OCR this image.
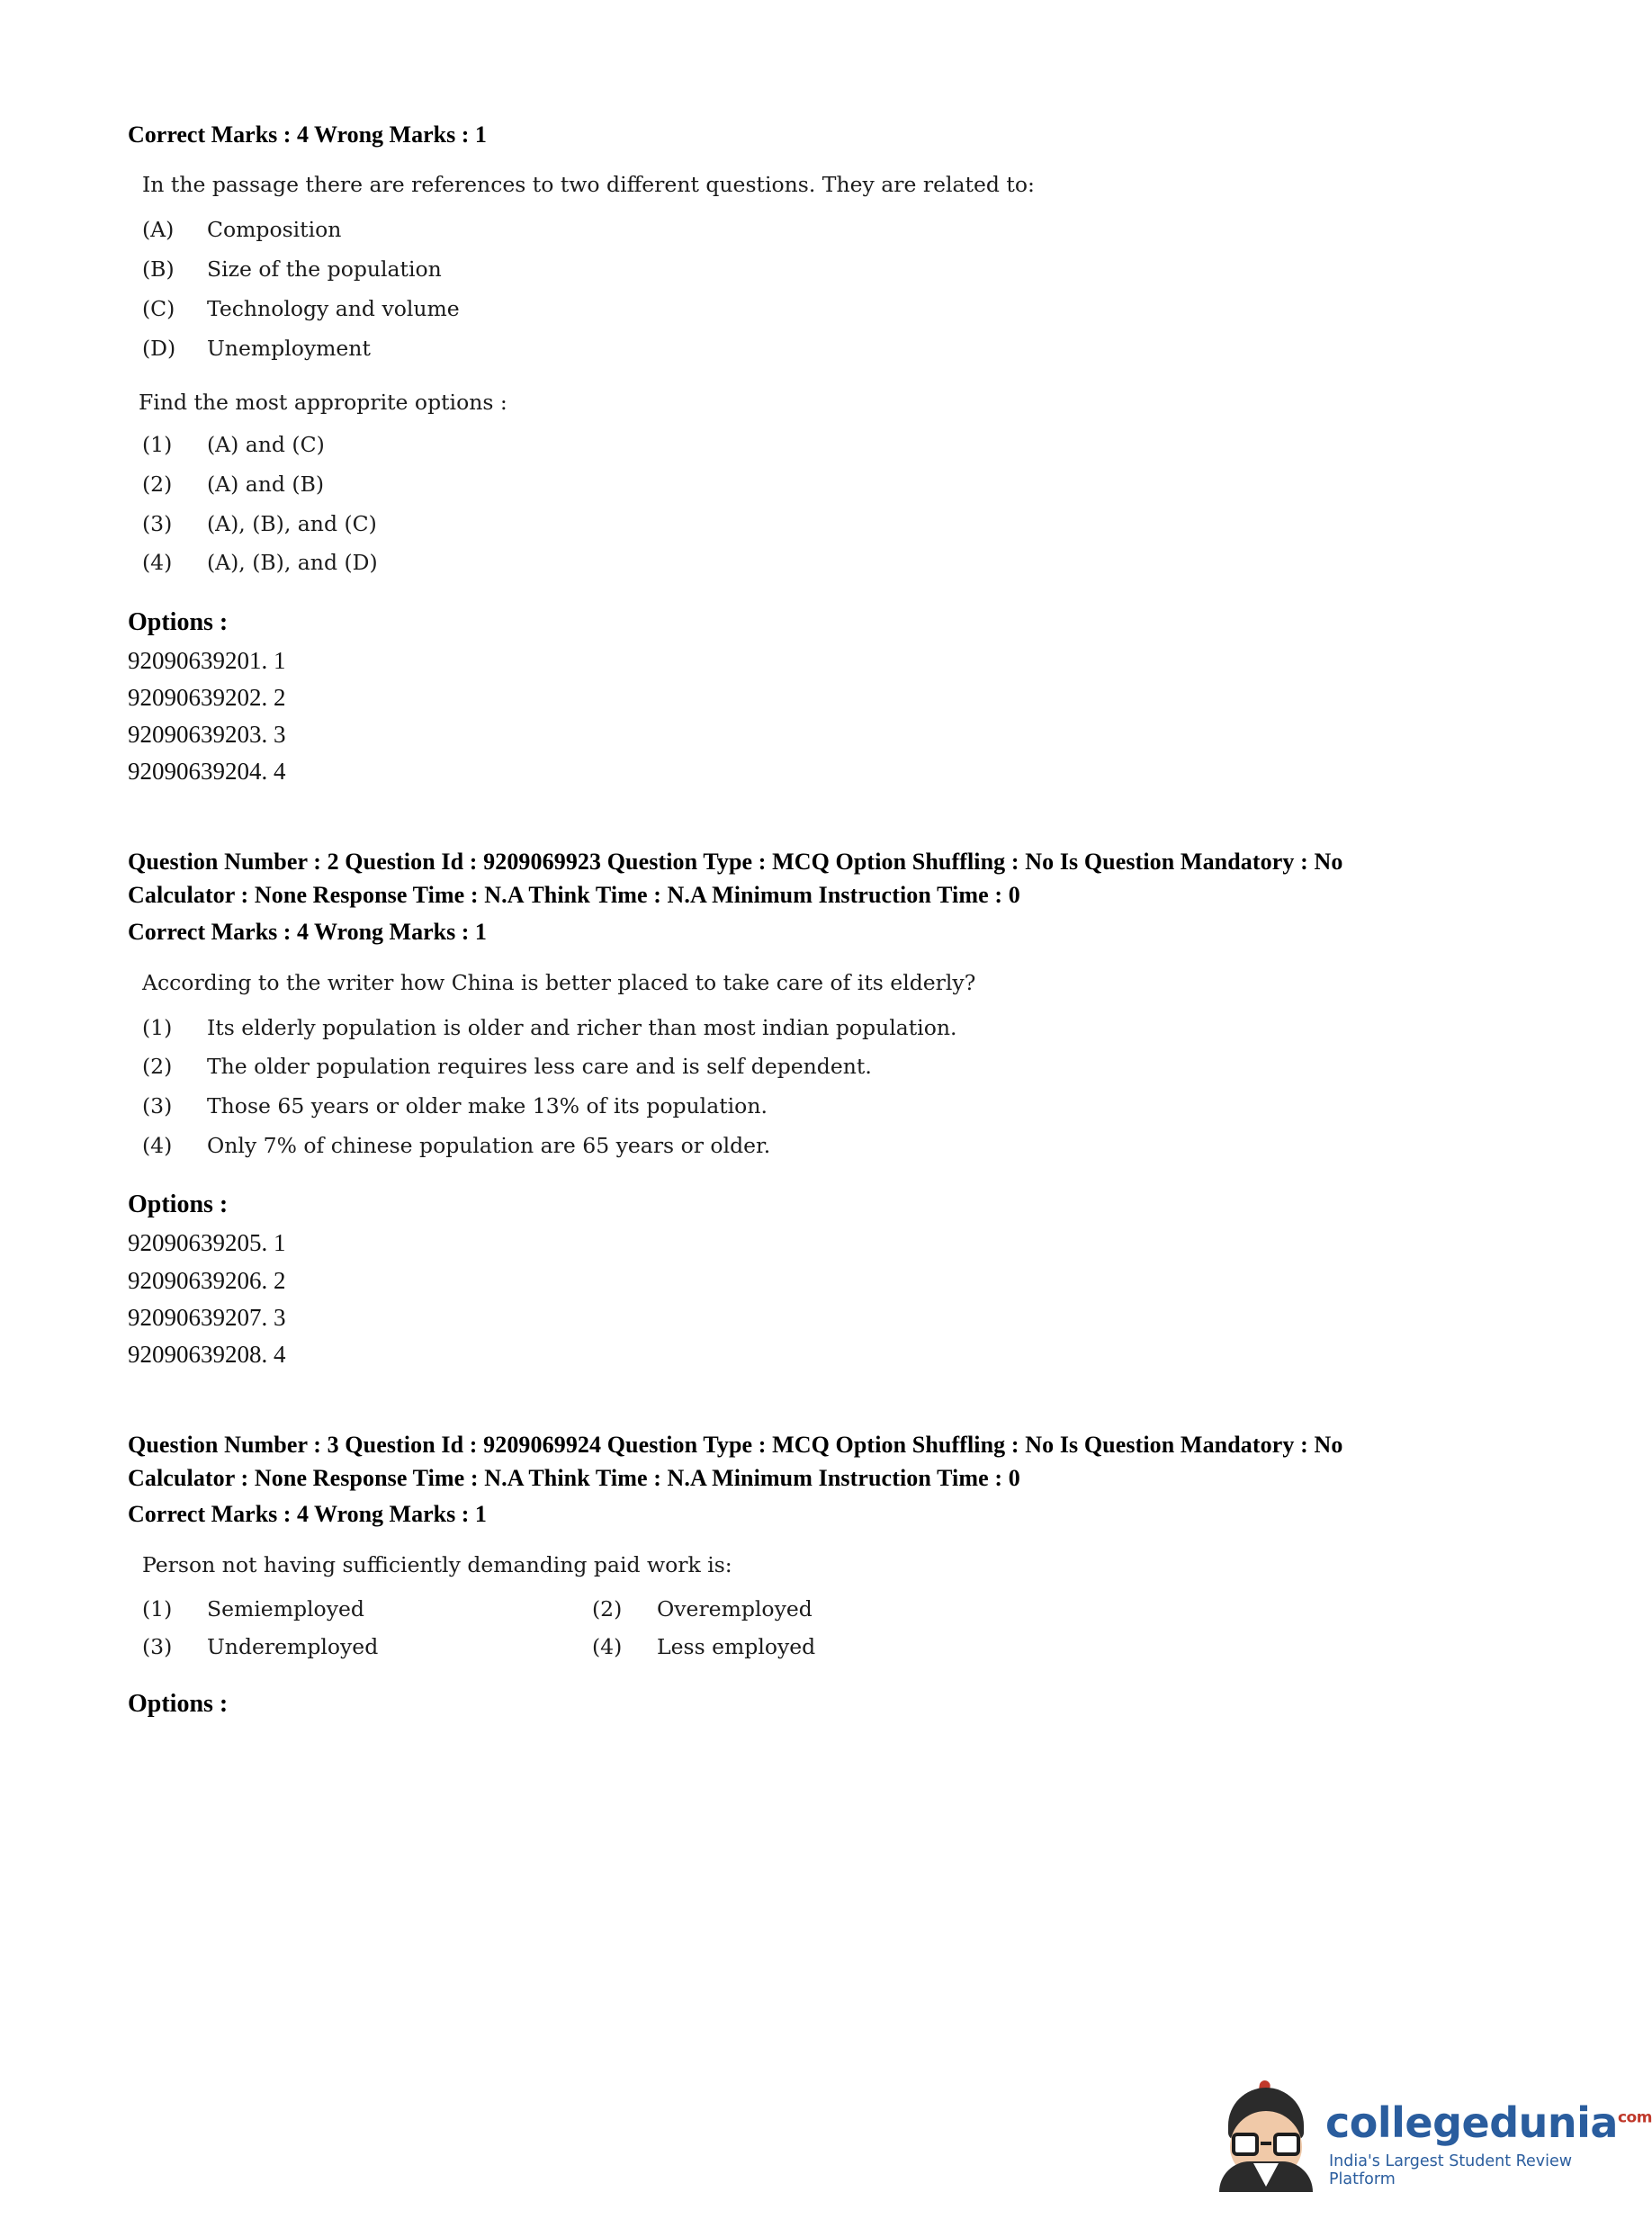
Correct Marks : 4 Wrong Marks : 1
In the passage there are references to two different questions. They are related to:
(A)	Composition
(B)	Size of the population
(C)	Technology and volume
(D)	Unemployment
Find the most approprite options :
(1)	(A) and (C)
(2)	(A) and (B)
(3)	(A), (B), and (C)
(4)	(A), (B), and (D)
Options :
92090639201. 1
92090639202. 2
92090639203. 3
92090639204. 4
Question Number : 2 Question Id : 9209069923 Question Type : MCQ Option Shuffling : No Is Question Mandatory : No Calculator : None Response Time : N.A Think Time : N.A Minimum Instruction Time : 0
Correct Marks : 4 Wrong Marks : 1
According to the writer how China is better placed to take care of its elderly?
(1)	Its elderly population is older and richer than most indian population.
(2)	The older population requires less care and is self dependent.
(3)	Those 65 years or older make 13% of its population.
(4)	Only 7% of chinese population are 65 years or older.
Options :
92090639205. 1
92090639206. 2
92090639207. 3
92090639208. 4
Question Number : 3 Question Id : 9209069924 Question Type : MCQ Option Shuffling : No Is Question Mandatory : No Calculator : None Response Time : N.A Think Time : N.A Minimum Instruction Time : 0
Correct Marks : 4 Wrong Marks : 1
Person not having sufficiently demanding paid work is:
(1)	Semiemployed	(2)	Overemployed
(3)	Underemployed	(4)	Less employed
Options :
collegedunia$^{com}$
India's Largest Student Review Platform
